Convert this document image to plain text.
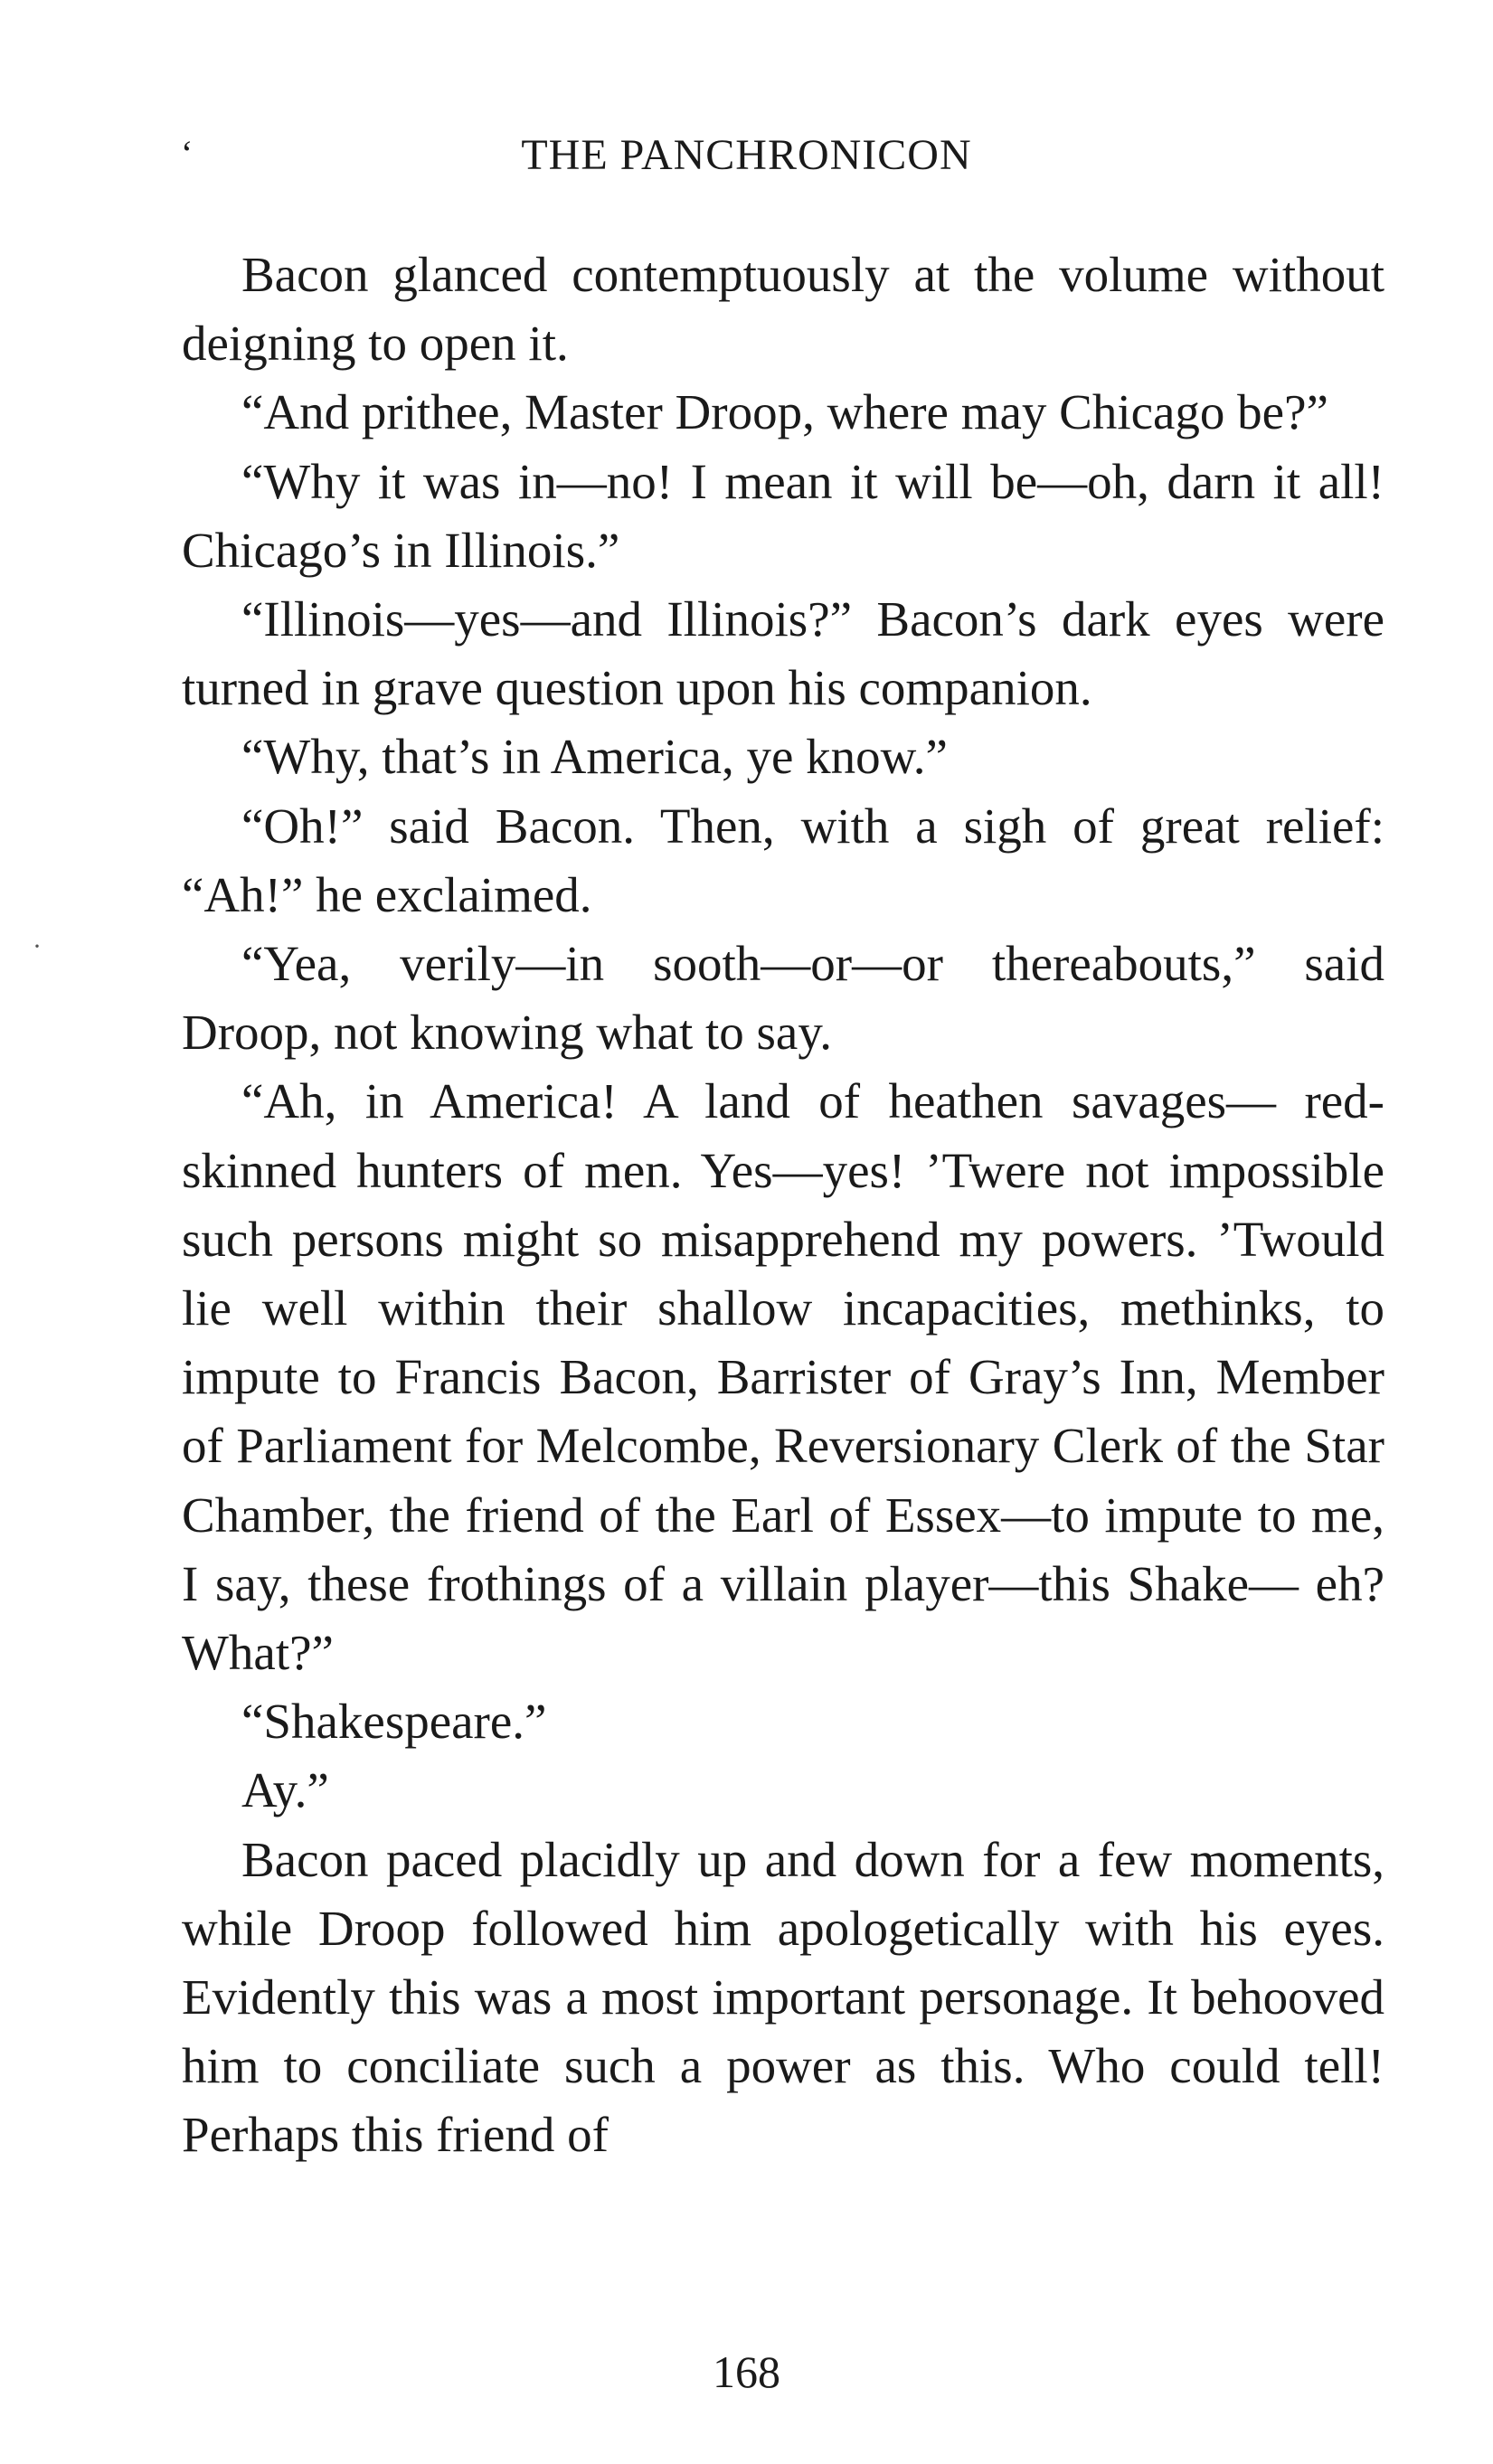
‘	THE PANCHRONICON
·

Bacon glanced contemptuously at the volume without deigning to open it.

“And prithee, Master Droop, where may Chicago be?”

“Why it was in—no! I mean it will be—oh, darn it all! Chicago’s in Illinois.”

“Illinois—yes—and Illinois?” Bacon’s dark eyes were turned in grave question upon his companion.

“Why, that’s in America, ye know.”

“Oh!” said Bacon. Then, with a sigh of great relief: “Ah!” he exclaimed.

“Yea, verily—in sooth—or—or thereabouts,” said Droop, not knowing what to say.

“Ah, in America! A land of heathen savages— red-skinned hunters of men. Yes—yes! ’Twere not impossible such persons might so misapprehend my powers. ’Twould lie well within their shallow incapacities, methinks, to impute to Francis Bacon, Barrister of Gray’s Inn, Member of Parliament for Melcombe, Reversionary Clerk of the Star Chamber, the friend of the Earl of Essex—to impute to me, I say, these frothings of a villain player—this Shake— eh? What?”

“Shakespeare.”

Ay.”

Bacon paced placidly up and down for a few moments, while Droop followed him apologetically with his eyes. Evidently this was a most important personage. It behooved him to conciliate such a power as this. Who could tell! Perhaps this friend of

168
